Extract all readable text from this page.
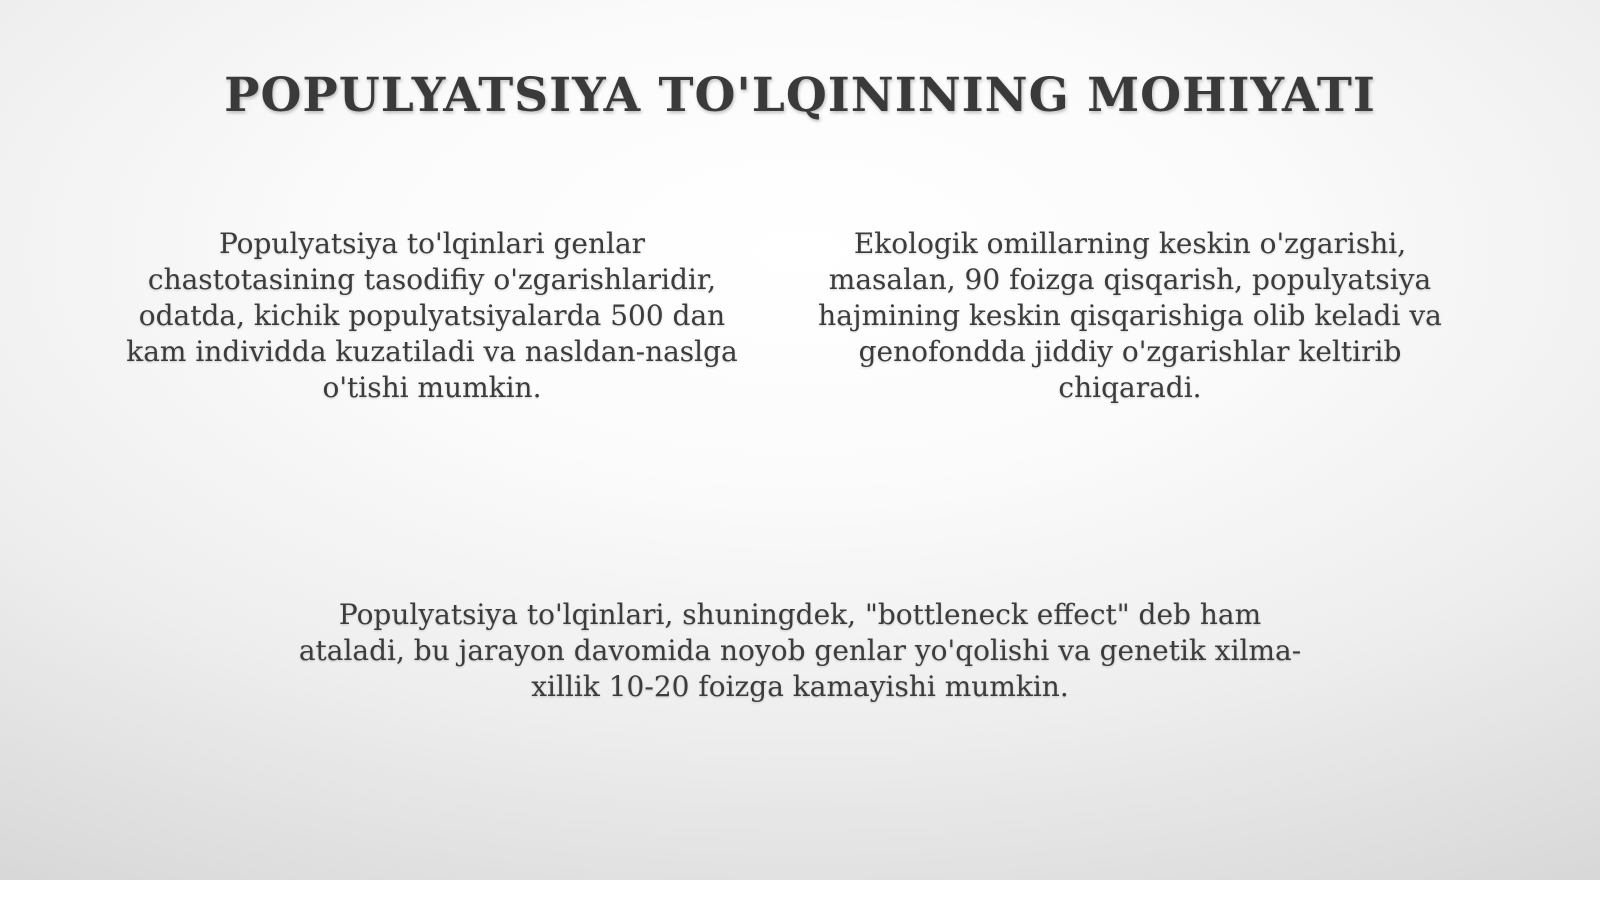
POPULYATSIYA TO'LQININING MOHIYATI

Populyatsiya to'lqinlari genlar chastotasining tasodifiy o'zgarishlaridir, odatda, kichik populyatsiyalarda 500 dan kam individda kuzatiladi va nasldan-naslga o'tishi mumkin.

Ekologik omillarning keskin o'zgarishi, masalan, 90 foizga qisqarish, populyatsiya hajmining keskin qisqarishiga olib keladi va genofondda jiddiy o'zgarishlar keltirib chiqaradi.

Populyatsiya to'lqinlari, shuningdek, "bottleneck effect" deb ham ataladi, bu jarayon davomida noyob genlar yo'qolishi va genetik xilma-xillik 10-20 foizga kamayishi mumkin.
